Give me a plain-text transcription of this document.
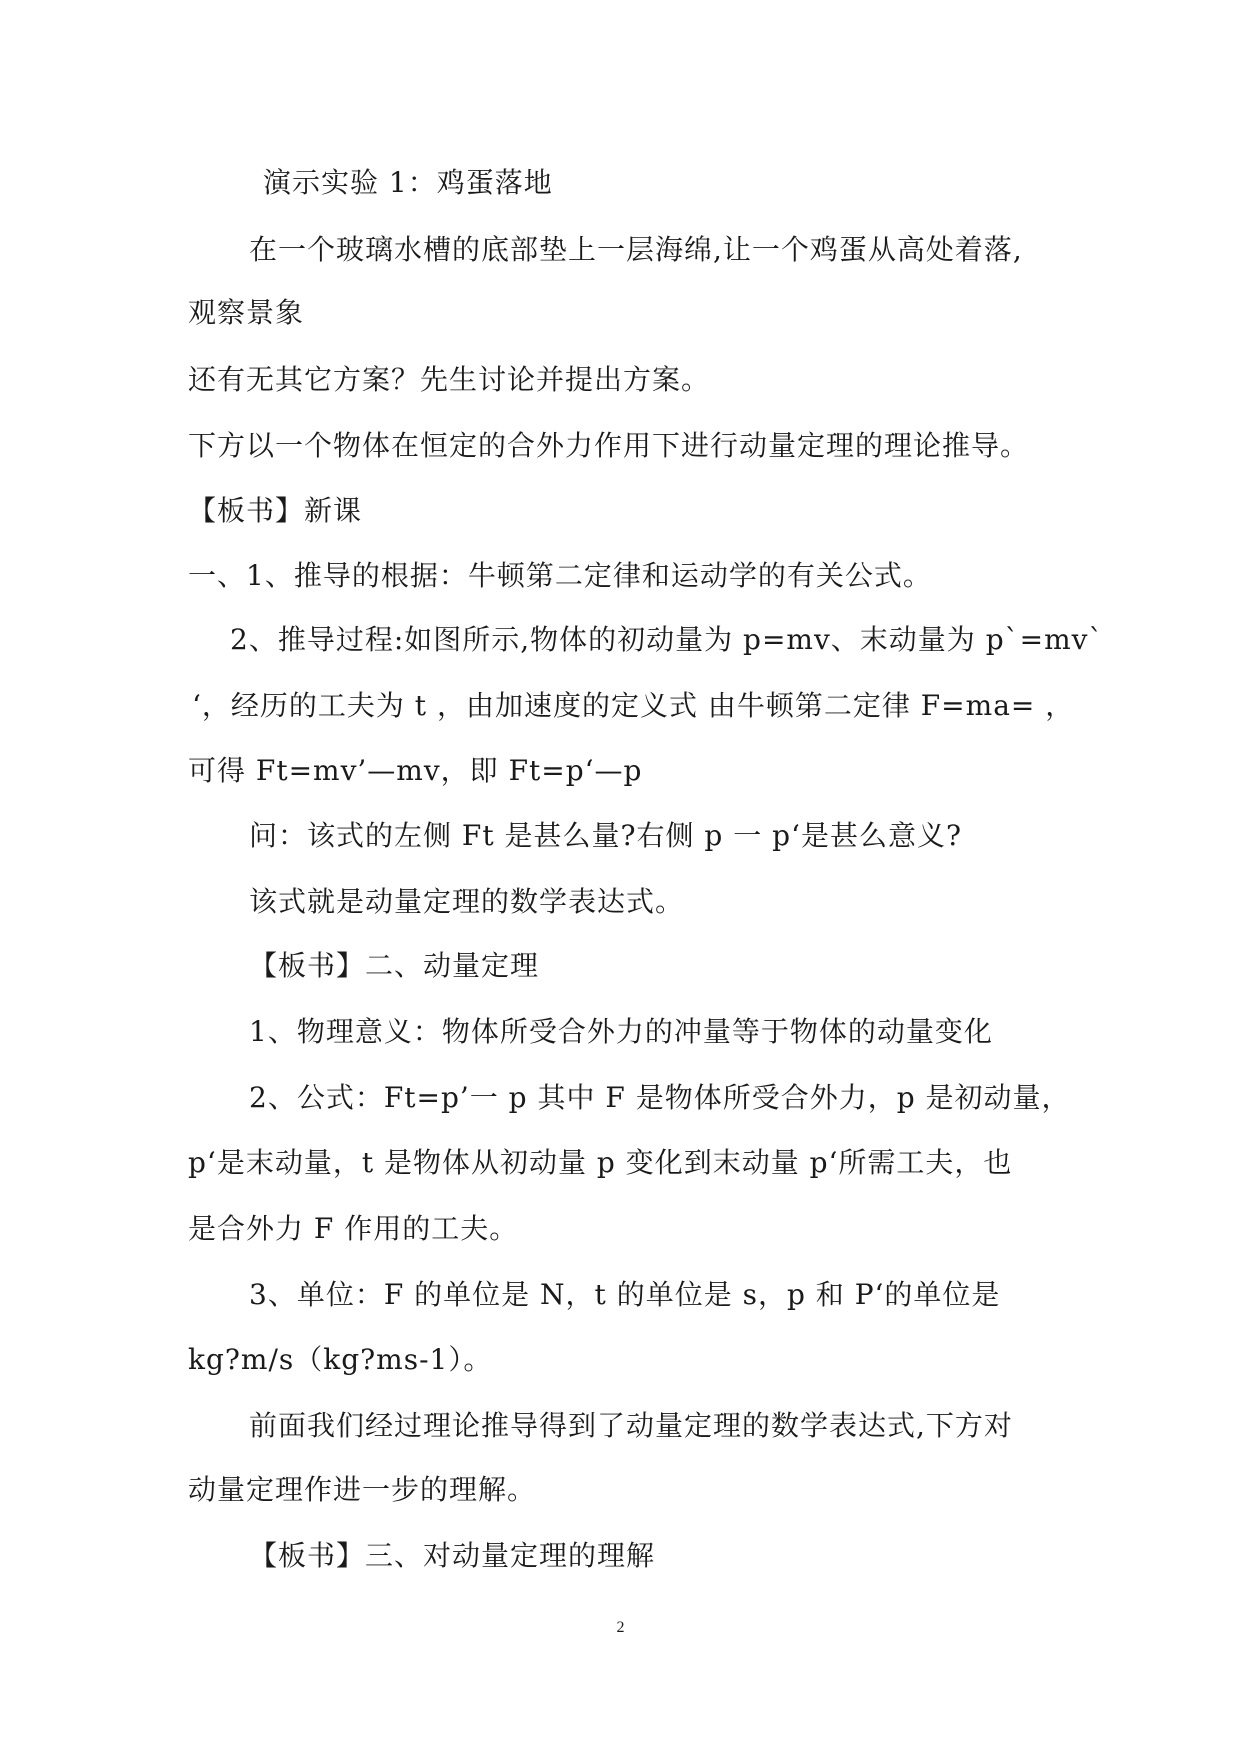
演示实验 1：鸡蛋落地
在一个玻璃水槽的底部垫上一层海绵,让一个鸡蛋从高处着落,
观察景象
还有无其它方案？先生讨论并提出方案。
下方以一个物体在恒定的合外力作用下进行动量定理的理论推导。
【板书】新课
一、1、推导的根据：牛顿第二定律和运动学的有关公式。
2、推导过程:如图所示,物体的初动量为 p=mv、末动量为 p`=mv`
‘，经历的工夫为 t ，由加速度的定义式 由牛顿第二定律 F=ma= ，
可得 Ft=mv’—mv，即 Ft=p‘—p
问：该式的左侧 Ft 是甚么量?右侧 p 一 p‘是甚么意义?
该式就是动量定理的数学表达式。
【板书】二、动量定理
1、物理意义：物体所受合外力的冲量等于物体的动量变化
2、公式：Ft=p’一 p 其中 F 是物体所受合外力，p 是初动量，
p‘是末动量，t 是物体从初动量 p 变化到末动量 p‘所需工夫，也
是合外力 F 作用的工夫。
3、单位：F 的单位是 N，t 的单位是 s，p 和 P‘的单位是
kg?m/s（kg?ms-1）。
前面我们经过理论推导得到了动量定理的数学表达式,下方对
动量定理作进一步的理解。
【板书】三、对动量定理的理解
2
